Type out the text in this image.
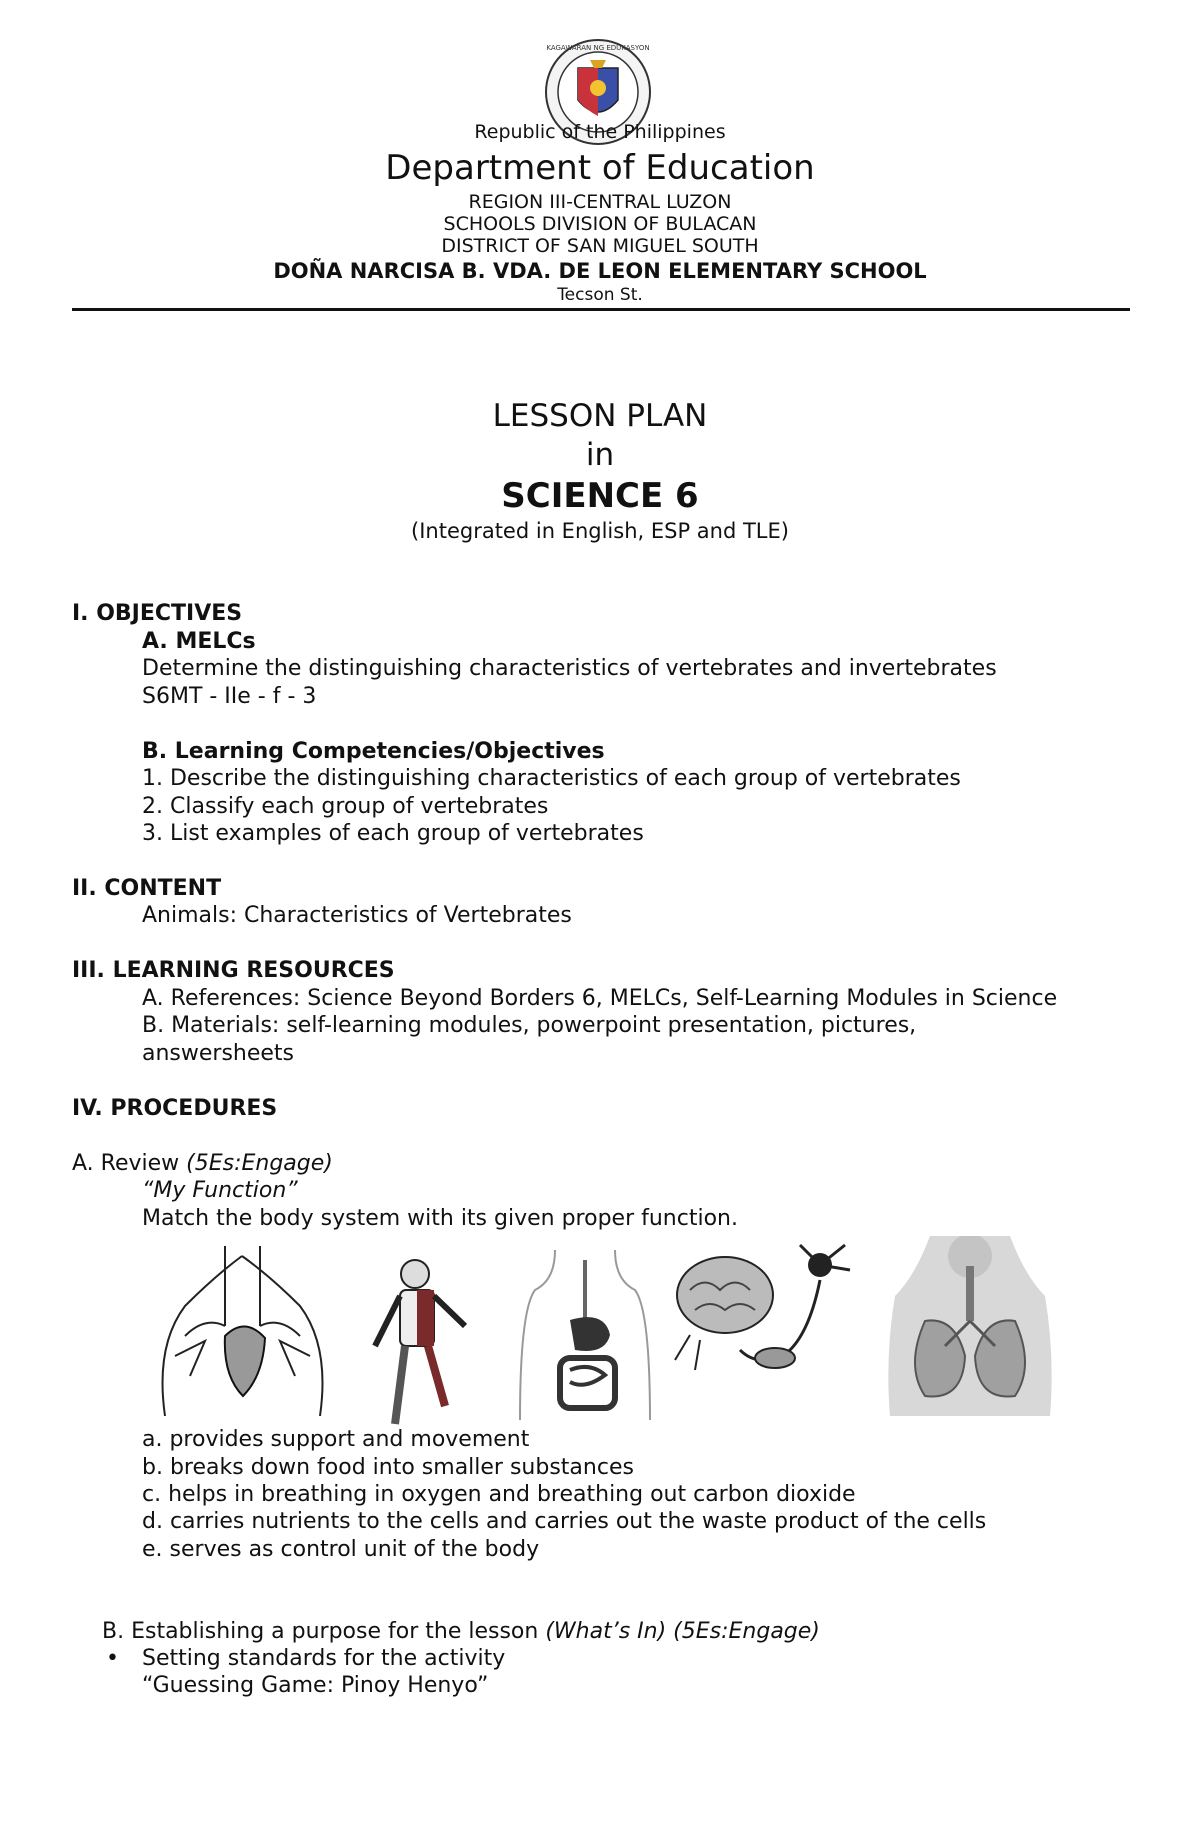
KAGAWARAN NG EDUKASYON
Republic of the Philippines
Department of Education
REGION III-CENTRAL LUZON
SCHOOLS DIVISION OF BULACAN
DISTRICT OF SAN MIGUEL SOUTH
DOÑA NARCISA B. VDA. DE LEON ELEMENTARY SCHOOL
Tecson St.
LESSON PLAN
in
SCIENCE 6
(Integrated in English, ESP and TLE)
I. OBJECTIVES
A. MELCs
Determine the distinguishing characteristics of vertebrates and invertebrates
S6MT - IIe - f - 3
B. Learning Competencies/Objectives
1. Describe the distinguishing characteristics of each group of vertebrates
2. Classify each group of vertebrates
3. List examples of each group of vertebrates
II. CONTENT
Animals: Characteristics of Vertebrates
III. LEARNING RESOURCES
A. References: Science Beyond Borders 6, MELCs, Self-Learning Modules in Science
B. Materials: self-learning modules, powerpoint presentation, pictures,
answersheets
IV. PROCEDURES
A. Review (5Es:Engage)
“My Function”
Match the body system with its given proper function.
a. provides support and movement
b. breaks down food into smaller substances
c. helps in breathing in oxygen and breathing out carbon dioxide
d. carries nutrients to the cells and carries out the waste product of the cells
e. serves as control unit of the body
B. Establishing a purpose for the lesson (What’s In) (5Es:Engage)
• Setting standards for the activity
“Guessing Game: Pinoy Henyo”
